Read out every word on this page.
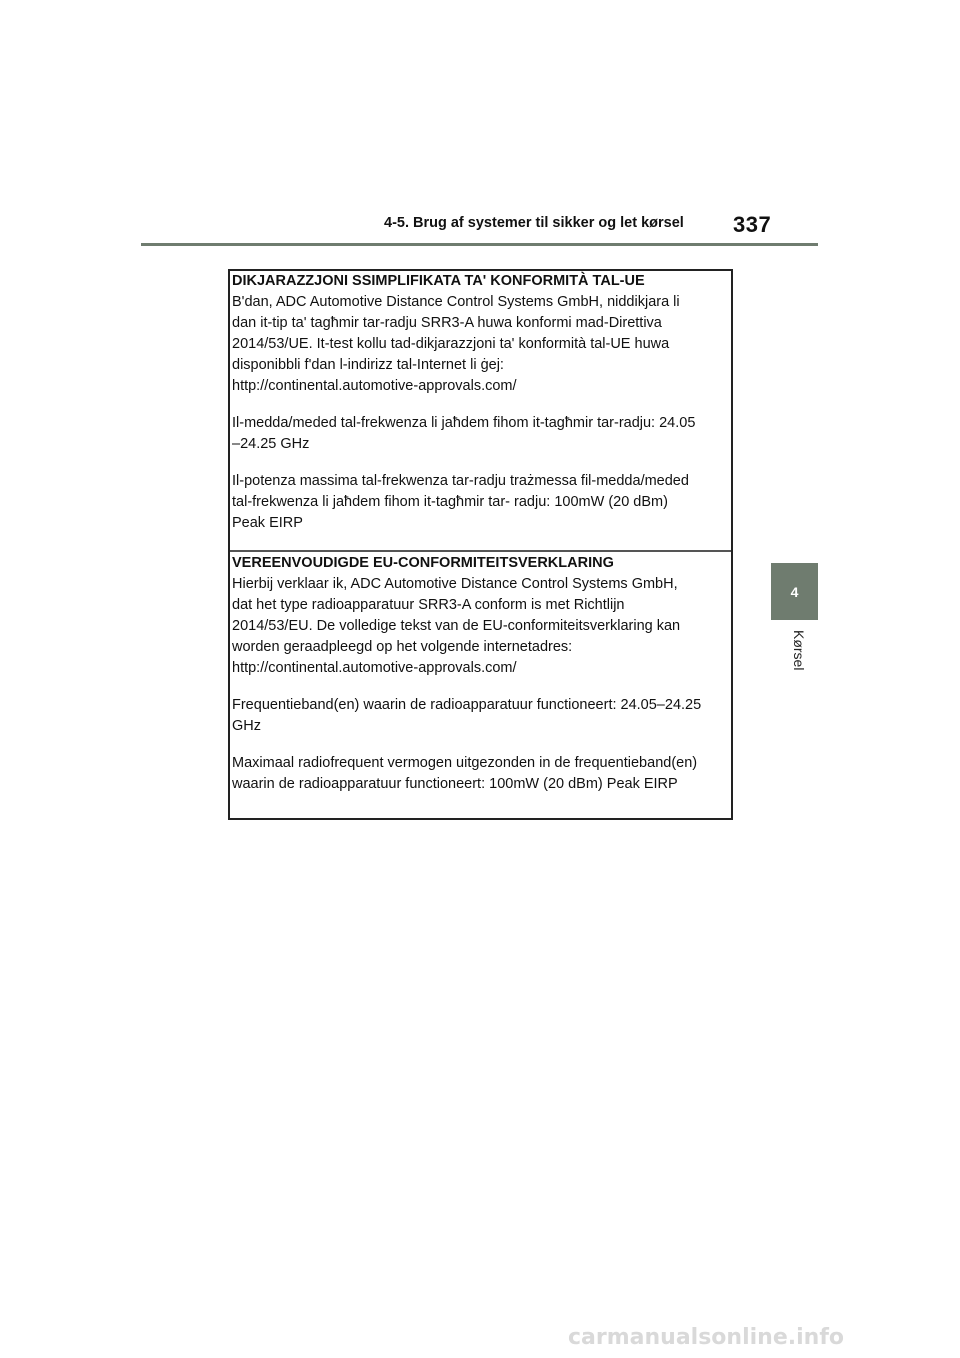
4-5. Brug af systemer til sikker og let kørsel	337
4
Kørsel
DIKJARAZZJONI SSIMPLIFIKATA TA' KONFORMITÀ TAL-UE

B'dan, ADC Automotive Distance Control Systems GmbH, niddikjara li
dan it-tip ta' tagħmir tar-radju SRR3-A huwa konformi mad-Direttiva
2014/53/UE. It-test kollu tad-dikjarazzjoni ta' konformità tal-UE huwa
disponibbli f'dan l-indirizz tal-Internet li ġej:
http://continental.automotive-approvals.com/

Il-medda/meded tal-frekwenza li jaħdem fihom it-tagħmir tar-radju: 24.05
–24.25 GHz

Il-potenza massima tal-frekwenza tar-radju trażmessa fil-medda/meded
tal-frekwenza li jaħdem fihom it-tagħmir tar- radju: 100mW (20 dBm)
Peak EIRP

VEREENVOUDIGDE EU-CONFORMITEITSVERKLARING

Hierbij verklaar ik, ADC Automotive Distance Control Systems GmbH,
dat het type radioapparatuur SRR3-A conform is met Richtlijn
2014/53/EU. De volledige tekst van de EU-conformiteitsverklaring kan
worden geraadpleegd op het volgende internetadres:
http://continental.automotive-approvals.com/

Frequentieband(en) waarin de radioapparatuur functioneert: 24.05–24.25
GHz

Maximaal radiofrequent vermogen uitgezonden in de frequentieband(en)
waarin de radioapparatuur functioneert: 100mW (20 dBm) Peak EIRP

carmanualsonline.info
